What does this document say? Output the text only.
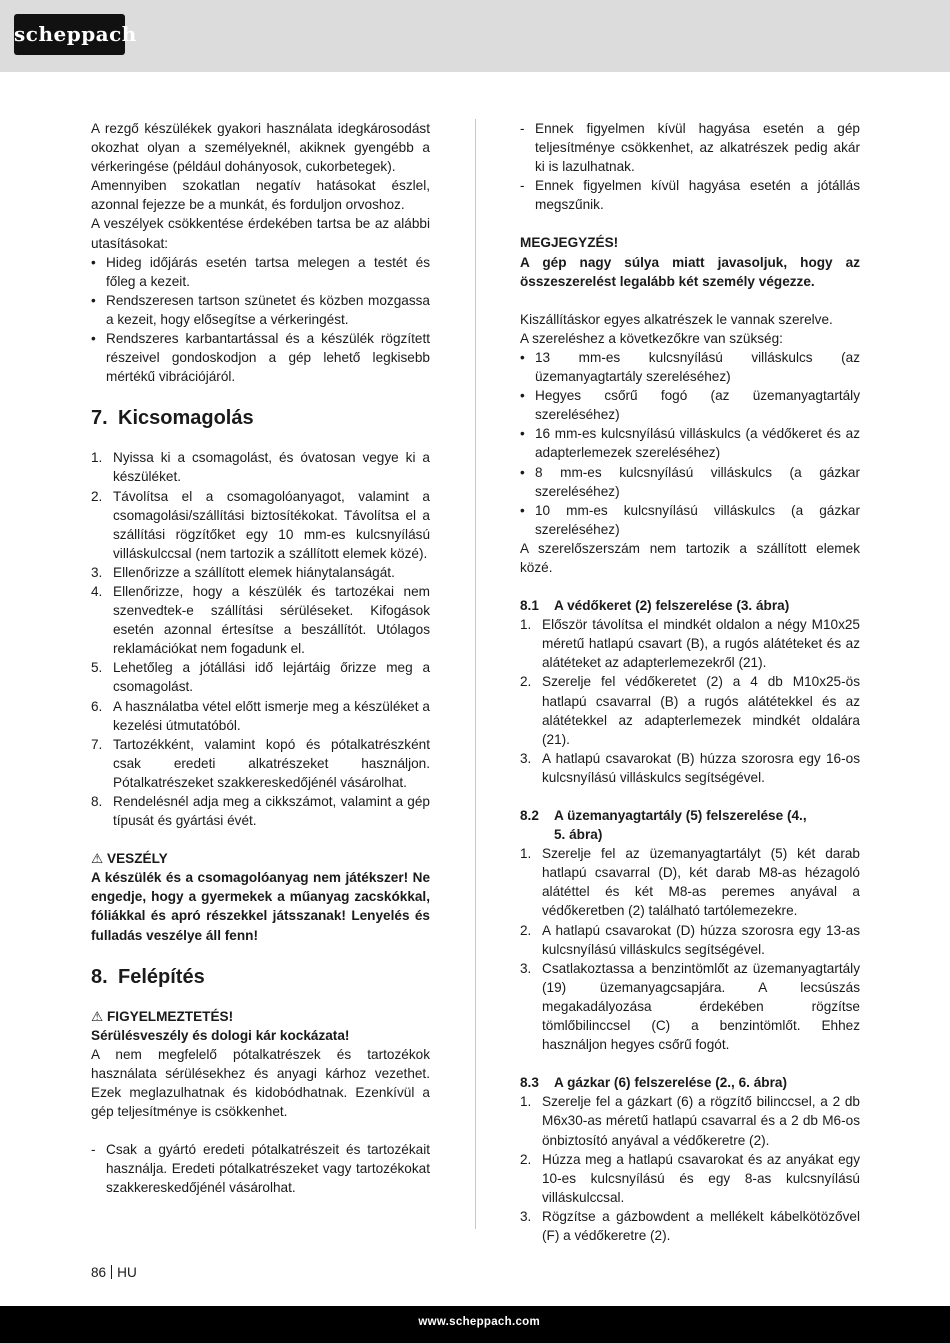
scheppach

A rezgő készülékek gyakori használata idegkárosodást okozhat olyan a személyeknél, akiknek gyengébb a vérkeringése (például dohányosok, cukorbetegek).

Amennyiben szokatlan negatív hatásokat észlel, azonnal fejezze be a munkát, és forduljon orvoshoz.

A veszélyek csökkentése érdekében tartsa be az alábbi utasításokat:

• Hideg időjárás esetén tartsa melegen a testét és főleg a kezeit.
• Rendszeresen tartson szünetet és közben mozgassa a kezeit, hogy elősegítse a vérkeringést.
• Rendszeres karbantartással és a készülék rögzített részeivel gondoskodjon a gép lehető legkisebb mértékű vibrációjáról.
7. Kicsomagolás
1. Nyissa ki a csomagolást, és óvatosan vegye ki a készüléket.
2. Távolítsa el a csomagolóanyagot, valamint a csomagolási/szállítási biztosítékokat. Távolítsa el a szállítási rögzítőket egy 10 mm-es kulcsnyílású villáskulccsal (nem tartozik a szállított elemek közé).
3. Ellenőrizze a szállított elemek hiánytalanságát.
4. Ellenőrizze, hogy a készülék és tartozékai nem szenvedtek-e szállítási sérüléseket. Kifogások esetén azonnal értesítse a beszállítót. Utólagos reklamációkat nem fogadunk el.
5. Lehetőleg a jótállási idő lejártáig őrizze meg a csomagolást.
6. A használatba vétel előtt ismerje meg a készüléket a kezelési útmutatóból.
7. Tartozékként, valamint kopó és pótalkatrészként csak eredeti alkatrészeket használjon. Pótalkatrészeket szakkereskedőjénél vásárolhat.
8. Rendelésnél adja meg a cikkszámot, valamint a gép típusát és gyártási évét.
⚠ VESZÉLY

A készülék és a csomagolóanyag nem játékszer! Ne engedje, hogy a gyermekek a műanyag zacskókkal, fóliákkal és apró részekkel játsszanak! Lenyelés és fulladás veszélye áll fenn!

8. Felépítés
⚠ FIGYELMEZTETÉS!

Sérülésveszély és dologi kár kockázata!

A nem megfelelő pótalkatrészek és tartozékok használata sérülésekhez és anyagi kárhoz vezethet. Ezek meglazulhatnak és kidobódhatnak. Ezenkívül a gép teljesítménye is csökkenhet.

- Csak a gyártó eredeti pótalkatrészeit és tartozékait használja. Eredeti pótalkatrészeket vagy tartozékokat szakkereskedőjénél vásárolhat.
- Ennek figyelmen kívül hagyása esetén a gép teljesítménye csökkenhet, az alkatrészek pedig akár ki is lazulhatnak.
- Ennek figyelmen kívül hagyása esetén a jótállás megszűnik.

MEGJEGYZÉS!

A gép nagy súlya miatt javasoljuk, hogy az összeszerelést legalább két személy végezze.

Kiszállításkor egyes alkatrészek le vannak szerelve.

A szereléshez a következőkre van szükség:

• 13 mm-es kulcsnyílású villáskulcs (az üzemanyagtartály szereléséhez)
• Hegyes csőrű fogó (az üzemanyagtartály szereléséhez)
• 16 mm-es kulcsnyílású villáskulcs (a védőkeret és az adapterlemezek szereléséhez)
• 8 mm-es kulcsnyílású villáskulcs (a gázkar szereléséhez)
• 10 mm-es kulcsnyílású villáskulcs (a gázkar szereléséhez)

A szerelőszerszám nem tartozik a szállított elemek közé.

8.1 A védőkeret (2) felszerelése (3. ábra)
1. Először távolítsa el mindkét oldalon a négy M10x25 méretű hatlapú csavart (B), a rugós alátéteket és az alátéteket az adapterlemezekről (21).
2. Szerelje fel védőkeretet (2) a 4 db M10x25-ös hatlapú csavarral (B) a rugós alátétekkel és az alátétekkel az adapterlemezek mindkét oldalára (21).
3. A hatlapú csavarokat (B) húzza szorosra egy 16-os kulcsnyílású villáskulcs segítségével.
8.2 A üzemanyagtartály (5) felszerelése (4.,
5. ábra)
1. Szerelje fel az üzemanyagtartályt (5) két darab hatlapú csavarral (D), két darab M8-as hézagoló alátéttel és két M8-as peremes anyával a védőkeretben (2) található tartólemezekre.
2. A hatlapú csavarokat (D) húzza szorosra egy 13-as kulcsnyílású villáskulcs segítségével.
3. Csatlakoztassa a benzintömlőt az üzemanyagtartály (19) üzemanyagcsapjára. A lecsúszás megakadályozása érdekében rögzítse tömlőbilinccsel (C) a benzintömlőt. Ehhez használjon hegyes csőrű fogót.
8.3 A gázkar (6) felszerelése (2., 6. ábra)
1. Szerelje fel a gázkart (6) a rögzítő bilinccsel, a 2 db M6x30-as méretű hatlapú csavarral és a 2 db M6-os önbiztosító anyával a védőkeretre (2).
2. Húzza meg a hatlapú csavarokat és az anyákat egy 10-es kulcsnyílású és egy 8-as kulcsnyílású villáskulccsal.
3. Rögzítse a gázbowdent a mellékelt kábelkötözővel (F) a védőkeretre (2).
86 HU
www.scheppach.com
